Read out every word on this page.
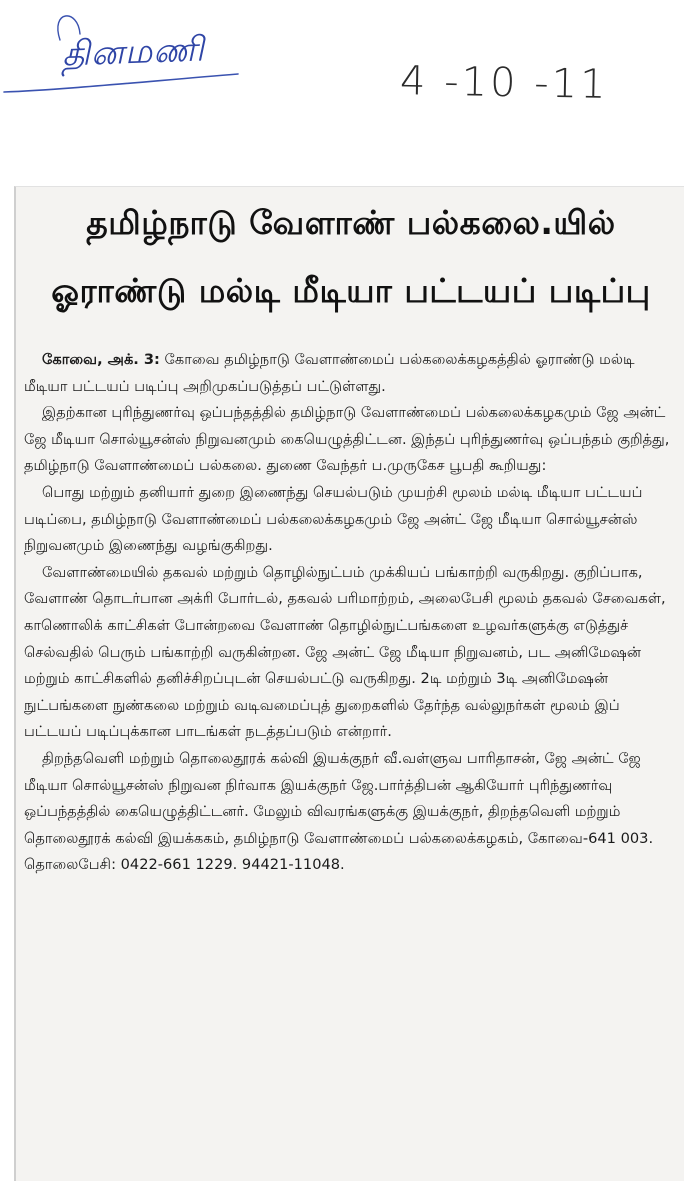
தினமணி
4 -10 -11
தமிழ்நாடு வேளாண் பல்கலை.யில்
ஓராண்டு மல்டி மீடியா பட்டயப் படிப்பு

கோவை, அக். 3: கோவை தமிழ்நாடு வேளாண்மைப் பல்கலைக்கழகத்தில் ஓராண்டு மல்டி மீடியா பட்டயப் படிப்பு அறிமுகப்படுத்தப் பட்டுள்ளது.

இதற்கான புரிந்துணர்வு ஒப்பந்தத்தில் தமிழ்நாடு வேளாண்மைப் பல்கலைக்கழகமும் ஜே அன்ட் ஜே மீடியா சொல்யூசன்ஸ் நிறுவனமும் கையெழுத்திட்டன. இந்தப் புரிந்துணர்வு ஒப்பந்தம் குறித்து, தமிழ்நாடு வேளாண்மைப் பல்கலை. துணை வேந்தர் ப.முருகேச பூபதி கூறியது:

பொது மற்றும் தனியார் துறை இணைந்து செயல்படும் முயற்சி மூலம் மல்டி மீடியா பட்டயப் படிப்பை, தமிழ்நாடு வேளாண்மைப் பல்கலைக்கழகமும் ஜே அன்ட் ஜே மீடியா சொல்யூசன்ஸ் நிறுவனமும் இணைந்து வழங்குகிறது.

வேளாண்மையில் தகவல் மற்றும் தொழில்நுட்பம் முக்கியப் பங்காற்றி வருகிறது. குறிப்பாக, வேளாண் தொடர்பான அக்ரி போர்டல், தகவல் பரிமாற்றம், அலைபேசி மூலம் தகவல் சேவைகள், காணொலிக் காட்சிகள் போன்றவை வேளாண் தொழில்நுட்பங்களை உழவர்களுக்கு எடுத்துச் செல்வதில் பெரும் பங்காற்றி வருகின்றன. ஜே அன்ட் ஜே மீடியா நிறுவனம், பட அனிமேஷன் மற்றும் காட்சிகளில் தனிச்சிறப்புடன் செயல்பட்டு வருகிறது. 2டி மற்றும் 3டி அனிமேஷன் நுட்பங்களை நுண்கலை மற்றும் வடிவமைப்புத் துறைகளில் தேர்ந்த வல்லுநர்கள் மூலம் இப் பட்டயப் படிப்புக்கான பாடங்கள் நடத்தப்படும் என்றார்.

திறந்தவெளி மற்றும் தொலைதூரக் கல்வி இயக்குநர் வீ.வள்ளுவ பாரிதாசன், ஜே அன்ட் ஜே மீடியா சொல்யூசன்ஸ் நிறுவன நிர்வாக இயக்குநர் ஜே.பார்த்திபன் ஆகியோர் புரிந்துணர்வு ஒப்பந்தத்தில் கையெழுத்திட்டனர். மேலும் விவரங்களுக்கு இயக்குநர், திறந்தவெளி மற்றும் தொலைதூரக் கல்வி இயக்ககம், தமிழ்நாடு வேளாண்மைப் பல்கலைக்கழகம், கோவை-641 003. தொலைபேசி: 0422-661 1229. 94421-11048.
